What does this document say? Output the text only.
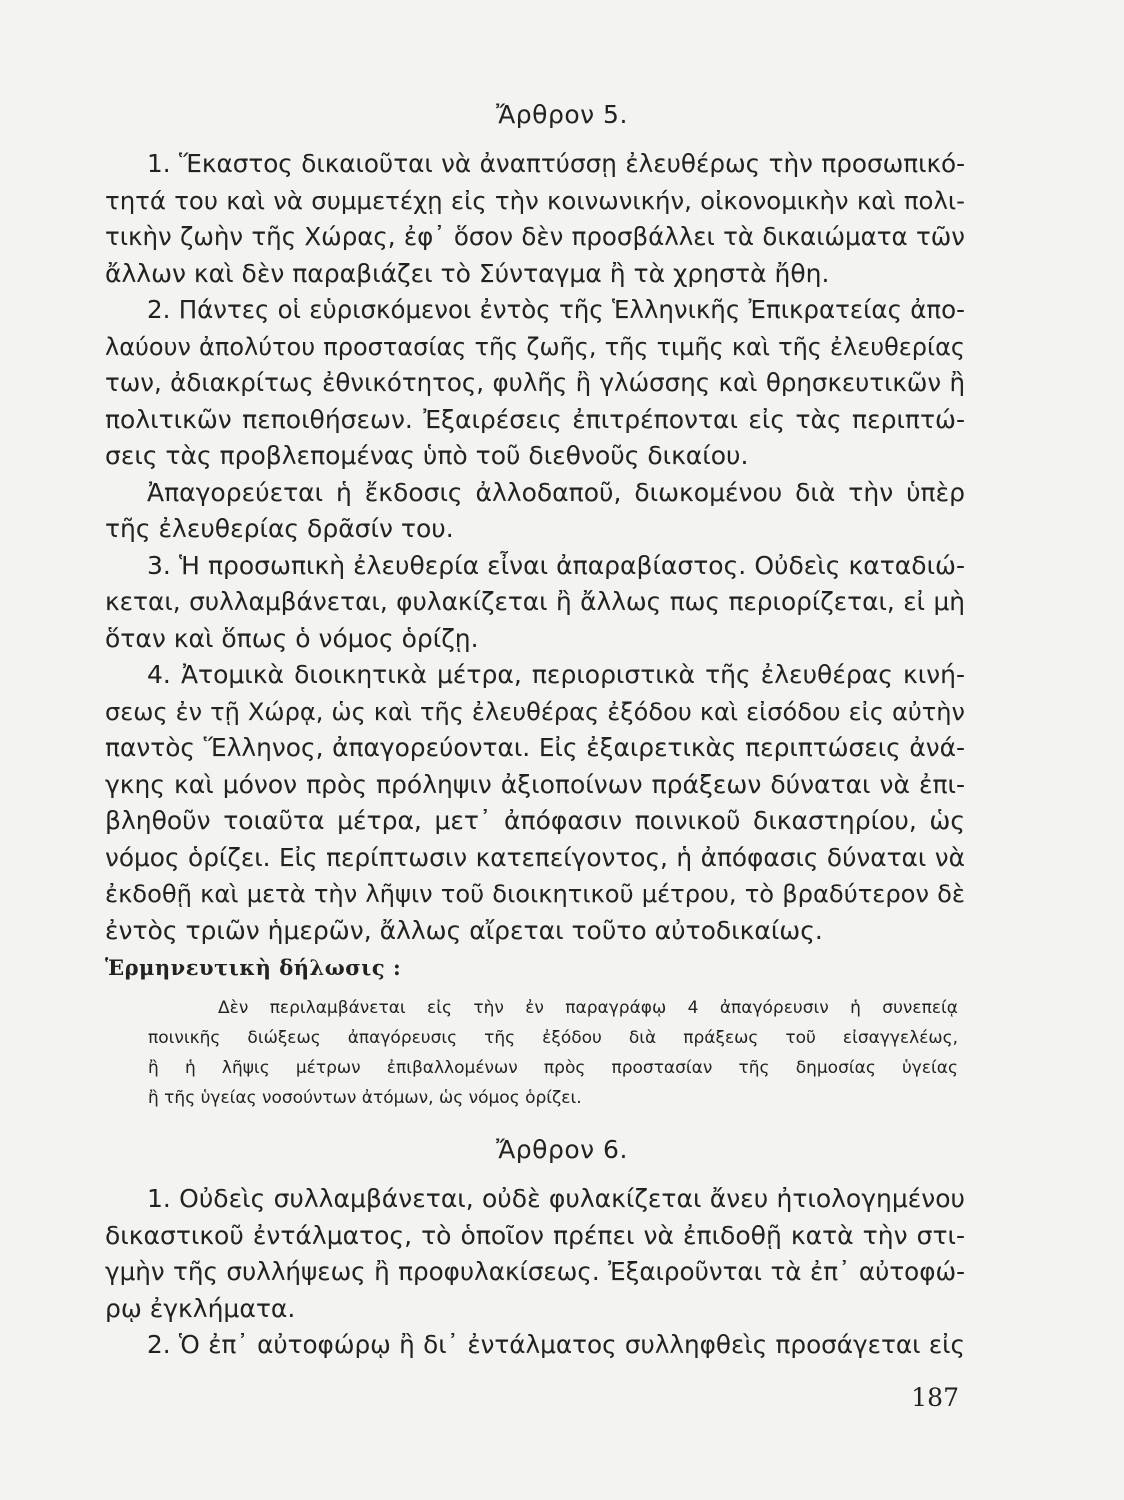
Ἄρθρον 5.
1. Ἕκαστος δικαιοῦται νὰ ἀναπτύσσῃ ἐλευθέρως τὴν προσωπικό-
τητά του καὶ νὰ συμμετέχῃ εἰς τὴν κοινωνικήν, οἰκονομικὴν καὶ πολι-
τικὴν ζωὴν τῆς Χώρας, ἐφ᾽ ὅσον δὲν προσβάλλει τὰ δικαιώματα τῶν
ἄλλων καὶ δὲν παραβιάζει τὸ Σύνταγμα ἢ τὰ χρηστὰ ἤθη.
2. Πάντες οἱ εὑρισκόμενοι ἐντὸς τῆς Ἑλληνικῆς Ἐπικρατείας ἀπο-
λαύουν ἀπολύτου προστασίας τῆς ζωῆς, τῆς τιμῆς καὶ τῆς ἐλευθερίας
των, ἀδιακρίτως ἐθνικότητος, φυλῆς ἢ γλώσσης καὶ θρησκευτικῶν ἢ
πολιτικῶν πεποιθήσεων. Ἐξαιρέσεις ἐπιτρέπονται εἰς τὰς περιπτώ-
σεις τὰς προβλεπομένας ὑπὸ τοῦ διεθνοῦς δικαίου.
Ἀπαγορεύεται ἡ ἔκδοσις ἀλλοδαποῦ, διωκομένου διὰ τὴν ὑπὲρ
τῆς ἐλευθερίας δρᾶσίν του.
3. Ἡ προσωπικὴ ἐλευθερία εἶναι ἀπαραβίαστος. Οὐδεὶς καταδιώ-
κεται, συλλαμβάνεται, φυλακίζεται ἢ ἄλλως πως περιορίζεται, εἰ μὴ
ὅταν καὶ ὅπως ὁ νόμος ὁρίζῃ.
4. Ἀτομικὰ διοικητικὰ μέτρα, περιοριστικὰ τῆς ἐλευθέρας κινή-
σεως ἐν τῇ Χώρᾳ, ὡς καὶ τῆς ἐλευθέρας ἐξόδου καὶ εἰσόδου εἰς αὐτὴν
παντὸς Ἕλληνος, ἀπαγορεύονται. Εἰς ἐξαιρετικὰς περιπτώσεις ἀνά-
γκης καὶ μόνον πρὸς πρόληψιν ἀξιοποίνων πράξεων δύναται νὰ ἐπι-
βληθοῦν τοιαῦτα μέτρα, μετ᾽ ἀπόφασιν ποινικοῦ δικαστηρίου, ὡς
νόμος ὁρίζει. Εἰς περίπτωσιν κατεπείγοντος, ἡ ἀπόφασις δύναται νὰ
ἐκδοθῇ καὶ μετὰ τὴν λῆψιν τοῦ διοικητικοῦ μέτρου, τὸ βραδύτερον δὲ
ἐντὸς τριῶν ἡμερῶν, ἄλλως αἴρεται τοῦτο αὐτοδικαίως.
Ἑρμηνευτικὴ δήλωσις :
Δὲν περιλαμβάνεται εἰς τὴν ἐν παραγράφῳ 4 ἀπαγόρευσιν ἡ συνεπείᾳ
ποινικῆς διώξεως ἀπαγόρευσις τῆς ἐξόδου διὰ πράξεως τοῦ εἰσαγγελέως,
ἢ ἡ λῆψις μέτρων ἐπιβαλλομένων πρὸς προστασίαν τῆς δημοσίας ὑγείας
ἢ τῆς ὑγείας νοσούντων ἀτόμων, ὡς νόμος ὁρίζει.
Ἄρθρον 6.
1. Οὐδεὶς συλλαμβάνεται, οὐδὲ φυλακίζεται ἄνευ ἠτιολογημένου
δικαστικοῦ ἐντάλματος, τὸ ὁποῖον πρέπει νὰ ἐπιδοθῇ κατὰ τὴν στι-
γμὴν τῆς συλλήψεως ἢ προφυλακίσεως. Ἐξαιροῦνται τὰ ἐπ᾽ αὐτοφώ-
ρῳ ἐγκλήματα.
2. Ὁ ἐπ᾽ αὐτοφώρῳ ἢ δι᾽ ἐντάλματος συλληφθεὶς προσάγεται εἰς
187
